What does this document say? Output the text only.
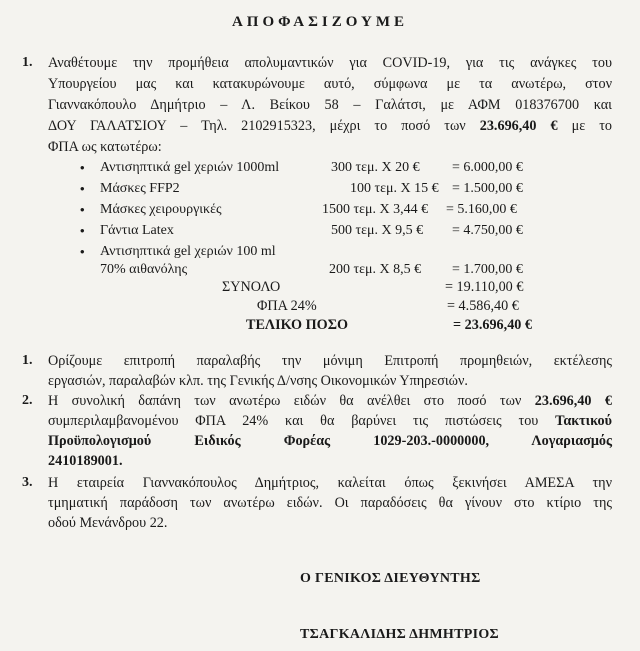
ΑΠΟΦΑΣΙΖΟΥΜΕ
1. Αναθέτουμε την προμήθεια απολυμαντικών για COVID-19, για τις ανάγκες του
Υπουργείου μας και κατακυρώνουμε αυτό, σύμφωνα με τα ανωτέρω, στον
Γιαννακόπουλο Δημήτριο – Λ. Βείκου 58 – Γαλάτσι, με ΑΦΜ 018376700 και
ΔΟΥ ΓΑΛΑΤΣΙΟΥ – Τηλ. 2102915323, μέχρι το ποσό των 23.696,40 € με το
ΦΠΑ ως κατωτέρω:
• Αντισηπτικά gel χεριών 1000ml	300 τεμ. Χ 20 € = 6.000,00 €
• Μάσκες FFP2	100 τεμ. Χ 15 € = 1.500,00 €
• Μάσκες χειρουργικές	1500 τεμ. Χ 3,44 € = 5.160,00 €
• Γάντια Latex	500 τεμ. Χ 9,5 € = 4.750,00 €
• Αντισηπτικά gel χεριών 100 ml
70% αιθανόλης	200 τεμ. Χ 8,5 € = 1.700,00 €
ΣΥΝΟΛΟ	= 19.110,00 €
ΦΠΑ 24%	= 4.586,40 €
ΤΕΛΙΚΟ ΠΟΣΟ	= 23.696,40 €
1. Ορίζουμε επιτροπή παραλαβής την μόνιμη Επιτροπή προμηθειών, εκτέλεσης
εργασιών, παραλαβών κλπ. της Γενικής Δ/νσης Οικονομικών Υπηρεσιών.
2. Η συνολική δαπάνη των ανωτέρω ειδών θα ανέλθει στο ποσό των 23.696,40 €
συμπεριλαμβανομένου ΦΠΑ 24% και θα βαρύνει τις πιστώσεις του Τακτικού
Προϋπολογισμού Ειδικός Φορέας 1029-203.-0000000, Λογαριασμός
2410189001.
3. Η εταιρεία Γιαννακόπουλος Δημήτριος, καλείται όπως ξεκινήσει ΑΜΕΣΑ την
τμηματική παράδοση των ανωτέρω ειδών. Οι παραδόσεις θα γίνουν στο κτίριο της
οδού Μενάνδρου 22.
Ο ΓΕΝΙΚΟΣ ΔΙΕΥΘΥΝΤΗΣ
ΤΣΑΓΚΑΛΙΔΗΣ ΔΗΜΗΤΡΙΟΣ
